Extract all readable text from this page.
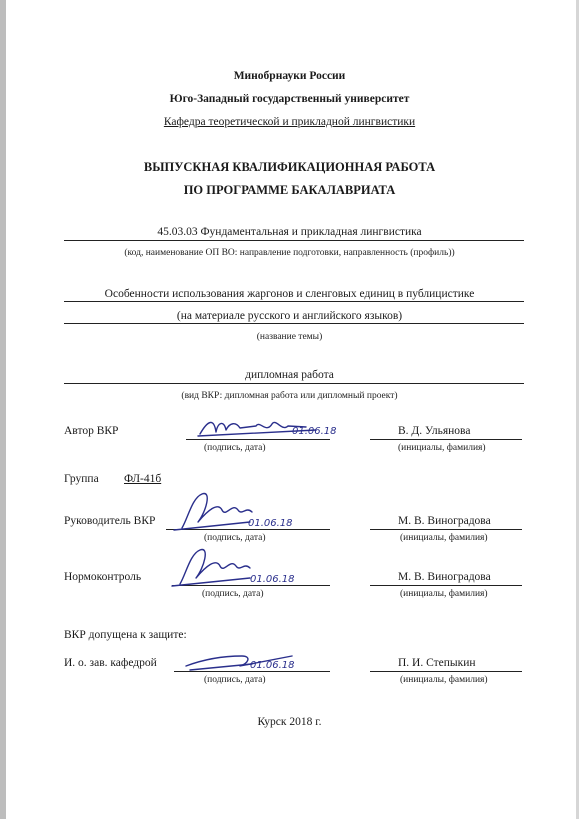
Минобрнауки России
Юго-Западный государственный университет
Кафедра теоретической и прикладной лингвистики
ВЫПУСКНАЯ КВАЛИФИКАЦИОННАЯ РАБОТА
ПО ПРОГРАММЕ БАКАЛАВРИАТА
45.03.03 Фундаментальная и прикладная лингвистика
(код, наименование ОП ВО: направление подготовки, направленность (профиль))
Особенности использования жаргонов и сленговых единиц в публицистике
(на материале русского и английского языков)
(название темы)
дипломная работа
(вид ВКР: дипломная работа или дипломный проект)
Автор ВКР	01.06.18
(подпись, дата)
В. Д. Ульянова
(инициалы, фамилия)
Группа ФЛ-41б
Руководитель ВКР	01.06.18
(подпись, дата)
М. В. Виноградова
(инициалы, фамилия)
Нормоконтроль	01.06.18
(подпись, дата)
М. В. Виноградова
(инициалы, фамилия)
ВКР допущена к защите:
И. о. зав. кафедрой	01.06.18
(подпись, дата)
П. И. Степыкин
(инициалы, фамилия)
Курск 2018 г.
